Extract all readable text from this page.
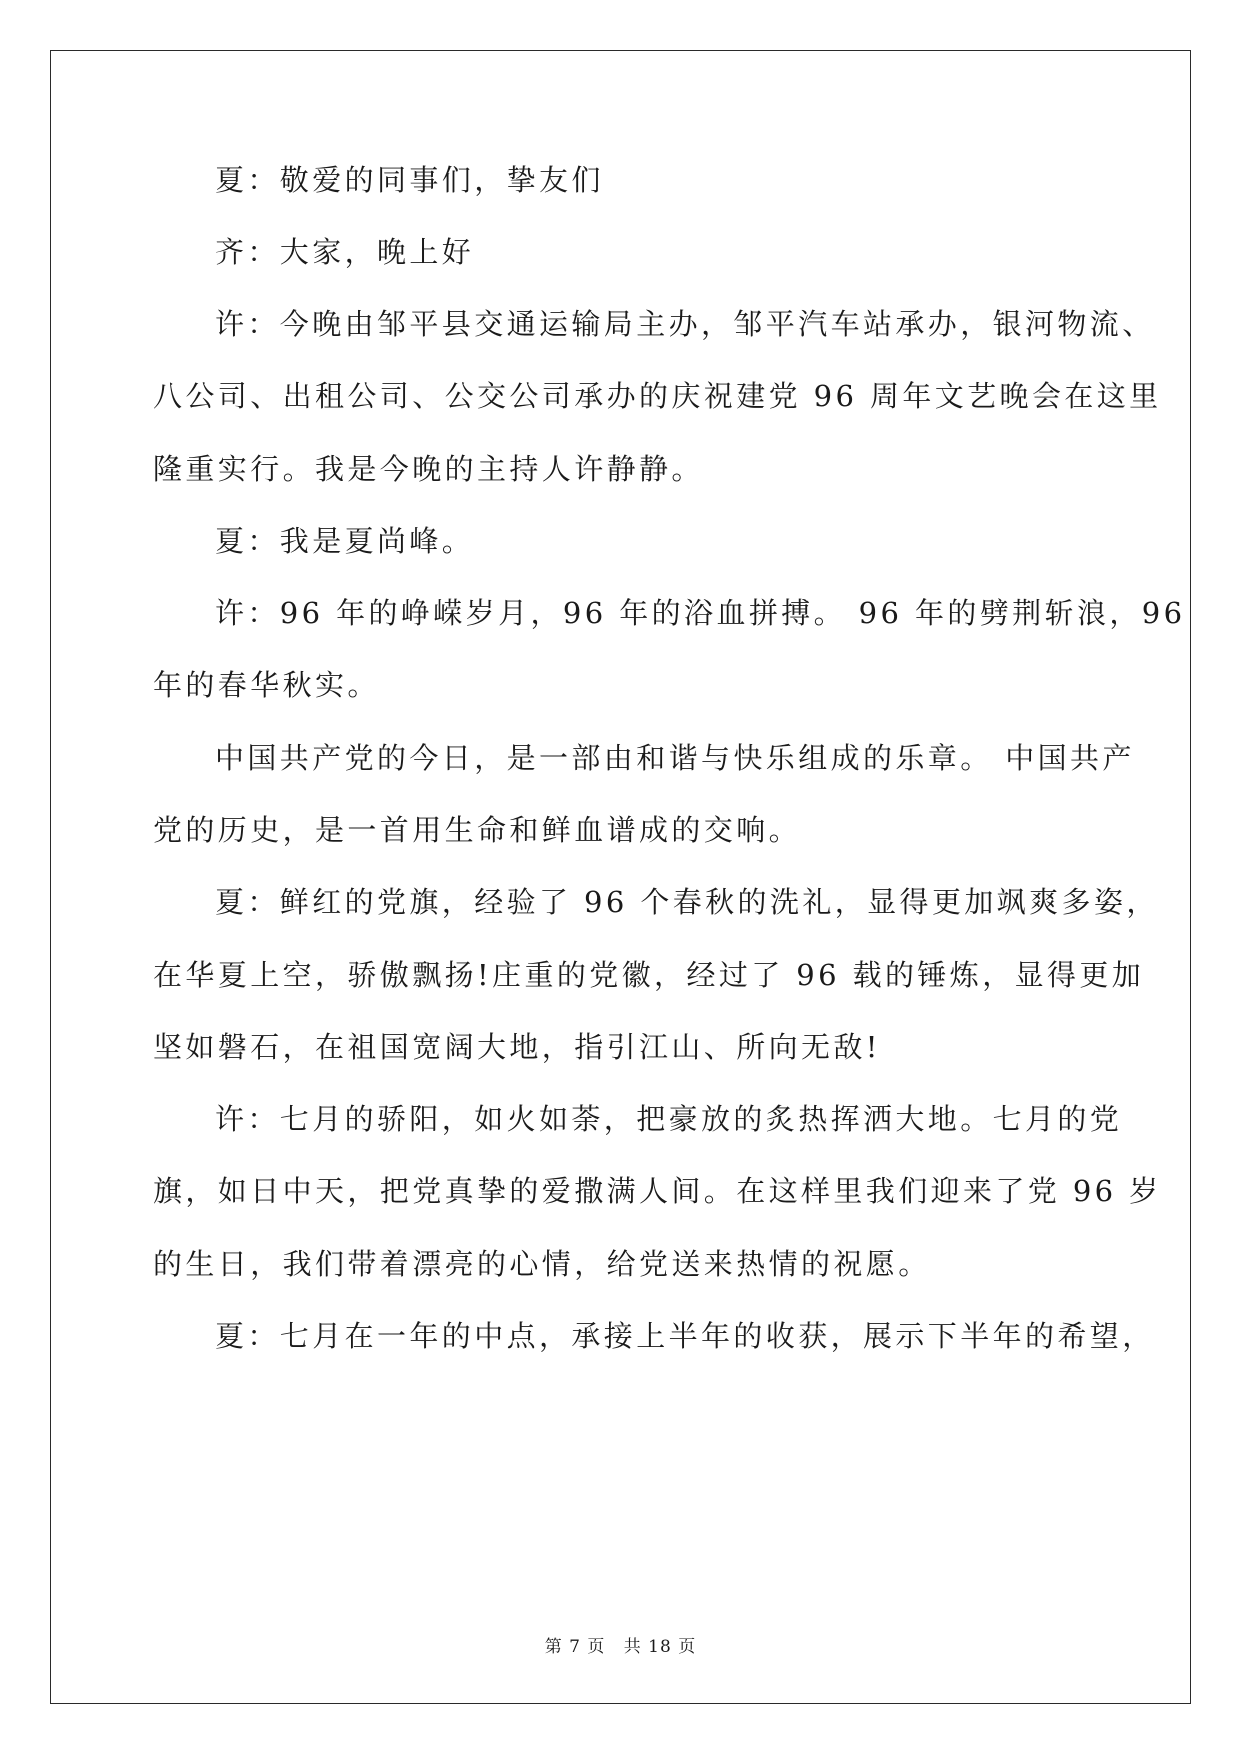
夏：敬爱的同事们，挚友们
齐：大家，晚上好
许：今晚由邹平县交通运输局主办，邹平汽车站承办，银河物流、
八公司、出租公司、公交公司承办的庆祝建党 96 周年文艺晚会在这里
隆重实行。我是今晚的主持人许静静。
夏：我是夏尚峰。
许：96 年的峥嵘岁月，96 年的浴血拼搏。 96 年的劈荆斩浪，96
年的春华秋实。
中国共产党的今日，是一部由和谐与快乐组成的乐章。 中国共产
党的历史，是一首用生命和鲜血谱成的交响。
夏：鲜红的党旗，经验了 96 个春秋的洗礼，显得更加飒爽多姿，
在华夏上空，骄傲飘扬!庄重的党徽，经过了 96 载的锤炼，显得更加
坚如磐石，在祖国宽阔大地，指引江山、所向无敌!
许：七月的骄阳，如火如荼，把豪放的炙热挥洒大地。七月的党
旗，如日中天，把党真挚的爱撒满人间。在这样里我们迎来了党 96 岁
的生日，我们带着漂亮的心情，给党送来热情的祝愿。
夏：七月在一年的中点，承接上半年的收获，展示下半年的希望，
第 7 页 共 18 页
